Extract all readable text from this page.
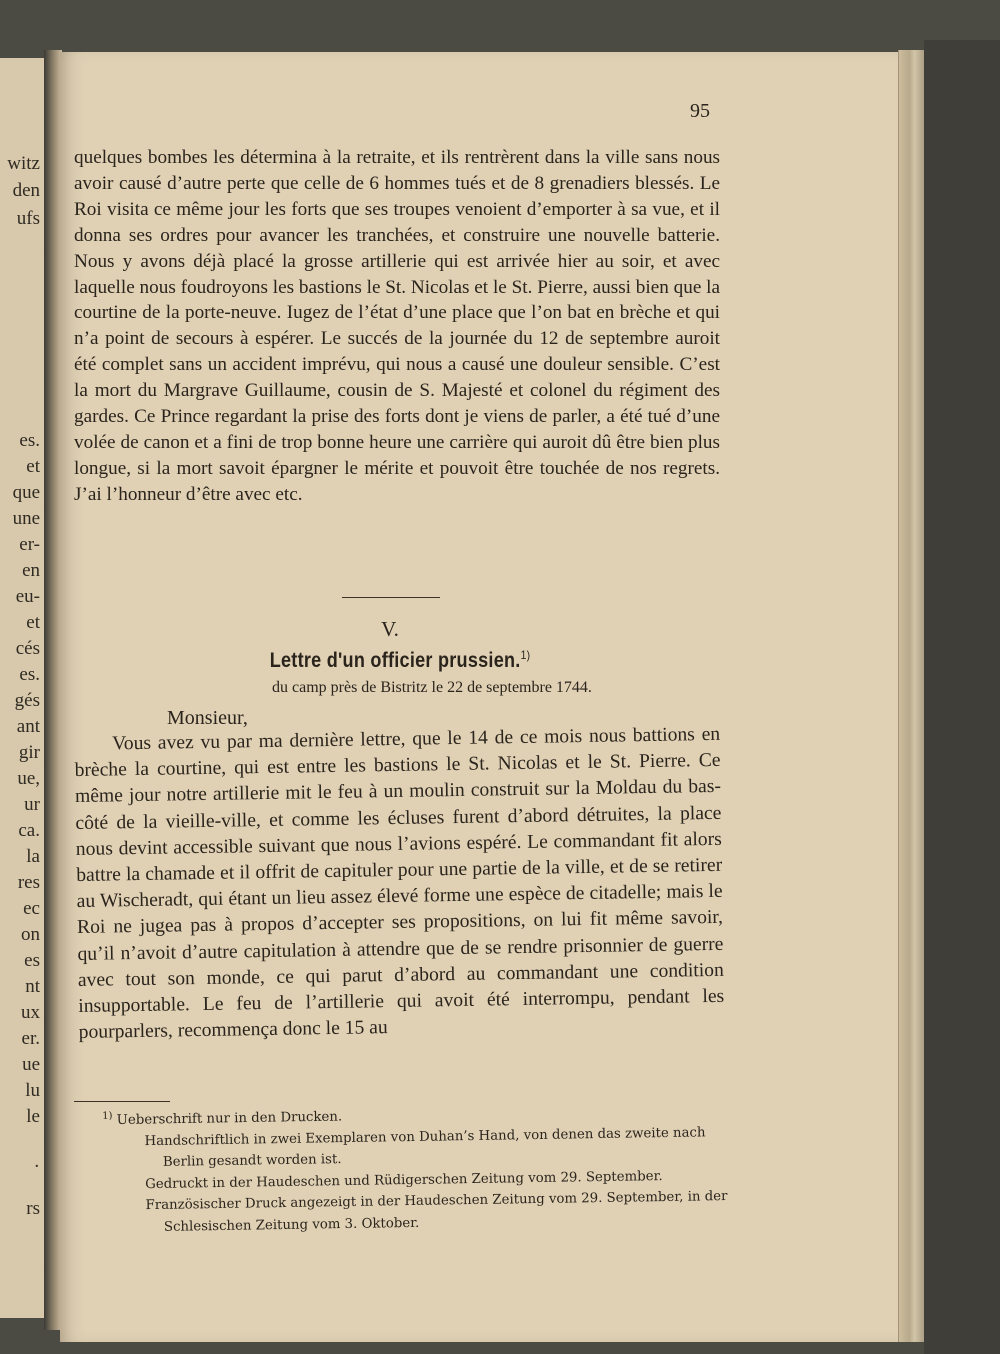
witz
den
ufs
es.
et
que
une
er-
en
eu-
et
cés
es.
gés
ant
gir
ue,
ur
ca.
la
res
ec
on
es
nt
ux
er.
ue
lu
le
·
rs
95
quelques bombes les détermina à la retraite, et ils rentrèrent dans la ville sans nous avoir causé d’autre perte que celle de 6 hommes tués et de 8 grenadiers blessés. Le Roi visita ce même jour les forts que ses troupes venoient d’emporter à sa vue, et il donna ses ordres pour avancer les tranchées, et construire une nouvelle batterie. Nous y avons déjà placé la grosse artillerie qui est arrivée hier au soir, et avec laquelle nous foudroyons les bastions le St. Nicolas et le St. Pierre, aussi bien que la courtine de la porte-neuve. Iugez de l’état d’une place que l’on bat en brèche et qui n’a point de secours à espérer. Le succés de la journée du 12 de septembre auroit été complet sans un accident imprévu, qui nous a causé une douleur sensible. C’est la mort du Margrave Guillaume, cousin de S. Majesté et colonel du régiment des gardes. Ce Prince regardant la prise des forts dont je viens de parler, a été tué d’une volée de canon et a fini de trop bonne heure une carrière qui auroit dû être bien plus longue, si la mort savoit épargner le mérite et pouvoit être touchée de nos regrets. J’ai l’honneur d’être avec etc.
V.
Lettre d'un officier prussien.$^{1)}$
du camp près de Bistritz le 22 de septembre 1744.
Monsieur,
Vous avez vu par ma dernière lettre, que le 14 de ce mois nous battions en brèche la courtine, qui est entre les bastions le St. Nicolas et le St. Pierre. Ce même jour notre artillerie mit le feu à un moulin construit sur la Moldau du bas-côté de la vieille-ville, et comme les écluses furent d’abord détruites, la place nous devint accessible suivant que nous l’avions espéré. Le commandant fit alors battre la chamade et il offrit de capituler pour une partie de la ville, et de se retirer au Wischeradt, qui étant un lieu assez élevé forme une espèce de citadelle; mais le Roi ne jugea pas à propos d’accepter ses propositions, on lui fit même savoir, qu’il n’avoit d’autre capitulation à attendre que de se rendre prisonnier de guerre avec tout son monde, ce qui parut d’abord au commandant une condition insupportable. Le feu de l’artillerie qui avoit été interrompu, pendant les pourparlers, recommença donc le 15 au
$^{1)}$ Ueberschrift nur in den Drucken.
Handschriftlich in zwei Exemplaren von Duhan’s Hand, von denen das zweite nach
Berlin gesandt worden ist.
Gedruckt in der Haudeschen und Rüdigerschen Zeitung vom 29. September.
Französischer Druck angezeigt in der Haudeschen Zeitung vom 29. September, in der
Schlesischen Zeitung vom 3. Oktober.
